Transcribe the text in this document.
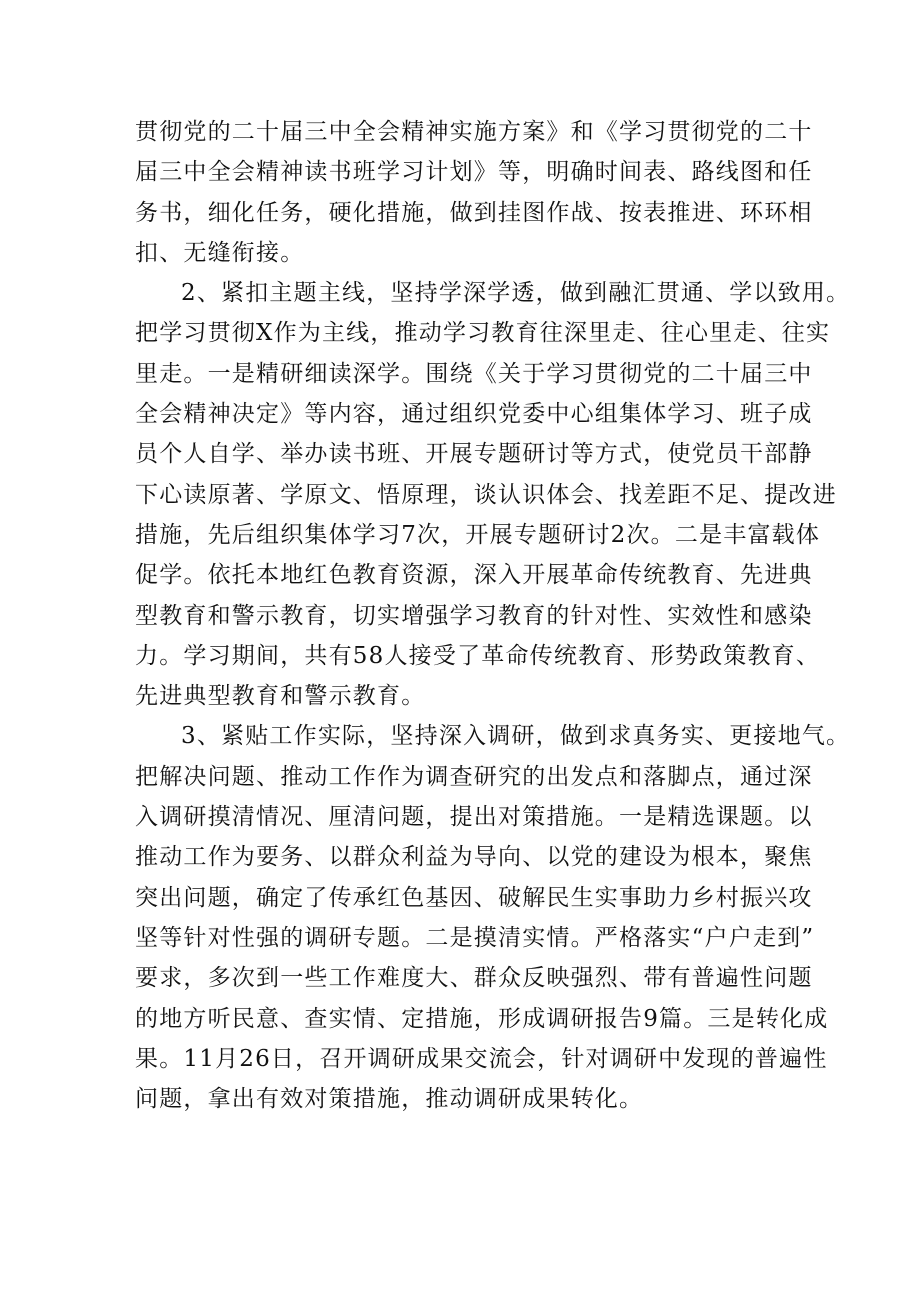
贯彻党的二十届三中全会精神实施方案》和《学习贯彻党的二十
届三中全会精神读书班学习计划》等，明确时间表、路线图和任
务书，细化任务，硬化措施，做到挂图作战、按表推进、环环相
扣、无缝衔接。
2、紧扣主题主线，坚持学深学透，做到融汇贯通、学以致用。
把学习贯彻X作为主线，推动学习教育往深里走、往心里走、往实
里走。一是精研细读深学。围绕《关于学习贯彻党的二十届三中
全会精神决定》等内容，通过组织党委中心组集体学习、班子成
员个人自学、举办读书班、开展专题研讨等方式，使党员干部静
下心读原著、学原文、悟原理，谈认识体会、找差距不足、提改进
措施，先后组织集体学习7次，开展专题研讨2次。二是丰富载体
促学。依托本地红色教育资源，深入开展革命传统教育、先进典
型教育和警示教育，切实增强学习教育的针对性、实效性和感染
力。学习期间，共有58人接受了革命传统教育、形势政策教育、
先进典型教育和警示教育。
3、紧贴工作实际，坚持深入调研，做到求真务实、更接地气。
把解决问题、推动工作作为调查研究的出发点和落脚点，通过深
入调研摸清情况、厘清问题，提出对策措施。一是精选课题。以
推动工作为要务、以群众利益为导向、以党的建设为根本，聚焦
突出问题，确定了传承红色基因、破解民生实事助力乡村振兴攻
坚等针对性强的调研专题。二是摸清实情。严格落实“户户走到”
要求，多次到一些工作难度大、群众反映强烈、带有普遍性问题
的地方听民意、查实情、定措施，形成调研报告9篇。三是转化成
果。11月26日，召开调研成果交流会，针对调研中发现的普遍性
问题，拿出有效对策措施，推动调研成果转化。
